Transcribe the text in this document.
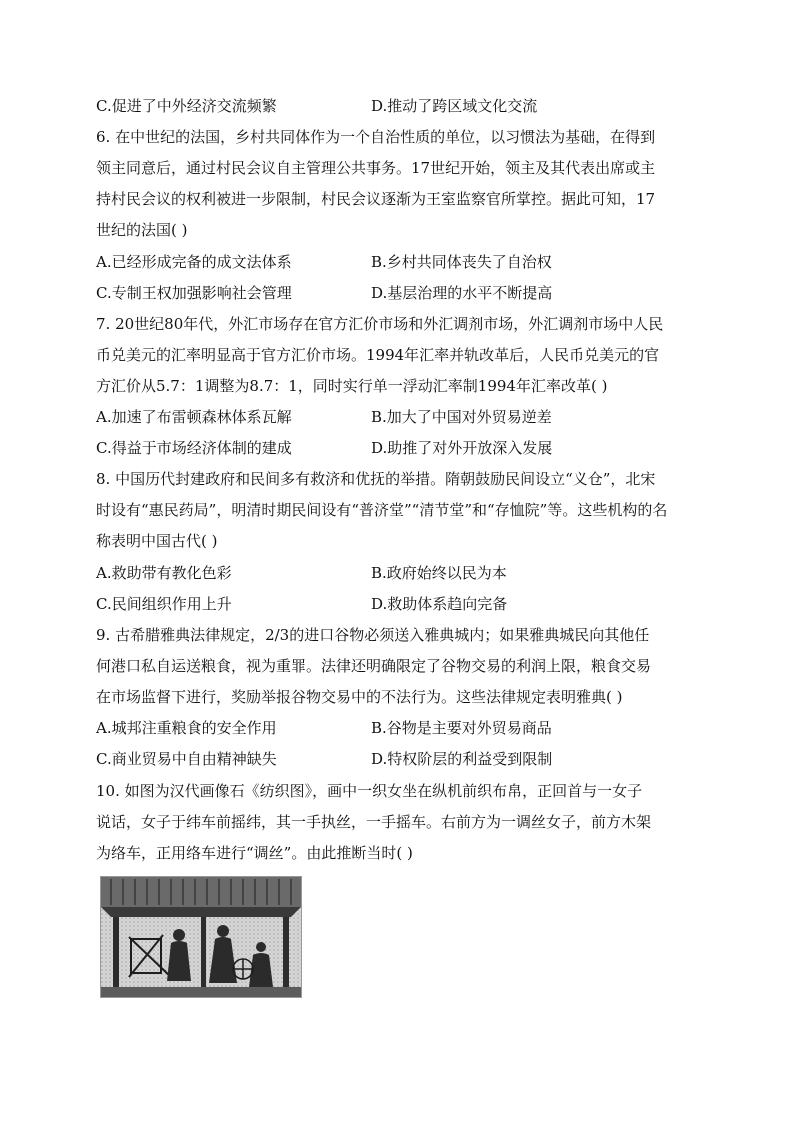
C.促进了中外经济交流频繁	D.推动了跨区域文化交流
6. 在中世纪的法国，乡村共同体作为一个自治性质的单位，以习惯法为基础，在得到
领主同意后，通过村民会议自主管理公共事务。17世纪开始，领主及其代表出席或主
持村民会议的权利被进一步限制，村民会议逐渐为王室监察官所掌控。据此可知，17
世纪的法国( )
A.已经形成完备的成文法体系	B.乡村共同体丧失了自治权
C.专制王权加强影响社会管理	D.基层治理的水平不断提高
7. 20世纪80年代，外汇市场存在官方汇价市场和外汇调剂市场，外汇调剂市场中人民
币兑美元的汇率明显高于官方汇价市场。1994年汇率并轨改革后，人民币兑美元的官
方汇价从5.7：1调整为8.7：1，同时实行单一浮动汇率制1994年汇率改革( )
A.加速了布雷顿森林体系瓦解	B.加大了中国对外贸易逆差
C.得益于市场经济体制的建成	D.助推了对外开放深入发展
8. 中国历代封建政府和民间多有救济和优抚的举措。隋朝鼓励民间设立“义仓”，北宋
时设有“惠民药局”，明清时期民间设有“普济堂”“清节堂”和“存恤院”等。这些机构的名
称表明中国古代( )
A.救助带有教化色彩	B.政府始终以民为本
C.民间组织作用上升	D.救助体系趋向完备
9. 古希腊雅典法律规定，2/3的进口谷物必须送入雅典城内；如果雅典城民向其他任
何港口私自运送粮食，视为重罪。法律还明确限定了谷物交易的利润上限，粮食交易
在市场监督下进行，奖励举报谷物交易中的不法行为。这些法律规定表明雅典( )
A.城邦注重粮食的安全作用	B.谷物是主要对外贸易商品
C.商业贸易中自由精神缺失	D.特权阶层的利益受到限制
10. 如图为汉代画像石《纺织图》，画中一织女坐在纵机前织布帛，正回首与一女子
说话，女子于纬车前摇纬，其一手执丝，一手摇车。右前方为一调丝女子，前方木架
为络车，正用络车进行“调丝”。由此推断当时( )
